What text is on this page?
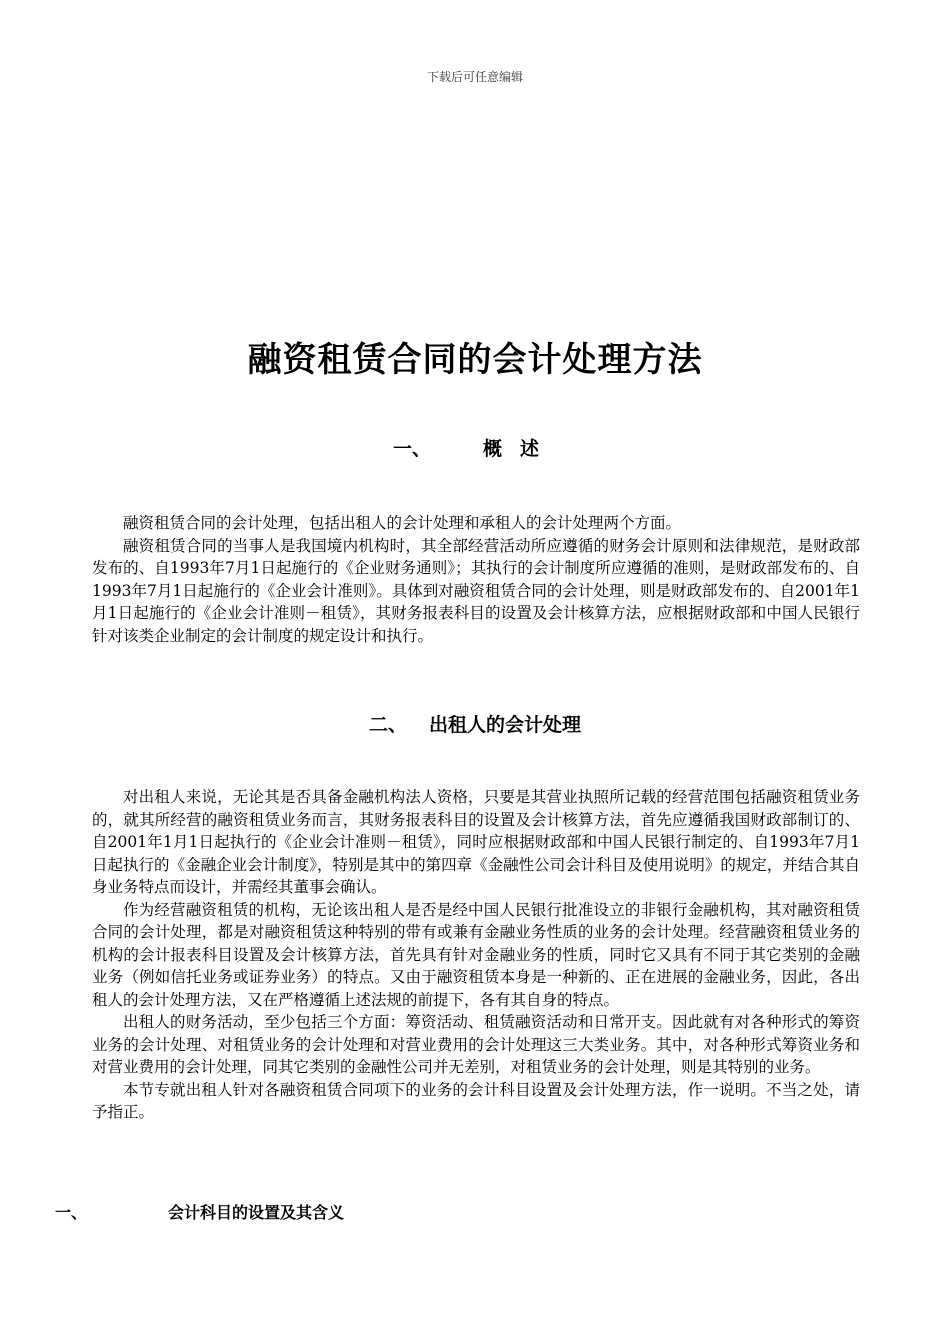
下载后可任意编辑
融资租赁合同的会计处理方法
一、	概述

融资租赁合同的会计处理，包括出租人的会计处理和承租人的会计处理两个方面。

融资租赁合同的当事人是我国境内机构时，其全部经营活动所应遵循的财务会计原则和法律规范，是财政部发布的、自1993年7月1日起施行的《企业财务通则》；其执行的会计制度所应遵循的准则，是财政部发布的、自1993年7月1日起施行的《企业会计准则》。具体到对融资租赁合同的会计处理，则是财政部发布的、自2001年1月1日起施行的《企业会计准则－租赁》，其财务报表科目的设置及会计核算方法，应根据财政部和中国人民银行针对该类企业制定的会计制度的规定设计和执行。

二、 出租人的会计处理

对出租人来说，无论其是否具备金融机构法人资格，只要是其营业执照所记载的经营范围包括融资租赁业务的，就其所经营的融资租赁业务而言，其财务报表科目的设置及会计核算方法，首先应遵循我国财政部制订的、自2001年1月1日起执行的《企业会计准则－租赁》，同时应根据财政部和中国人民银行制定的、自1993年7月1日起执行的《金融企业会计制度》，特别是其中的第四章《金融性公司会计科目及使用说明》的规定，并结合其自身业务特点而设计，并需经其董事会确认。

作为经营融资租赁的机构，无论该出租人是否是经中国人民银行批准设立的非银行金融机构，其对融资租赁合同的会计处理，都是对融资租赁这种特别的带有或兼有金融业务性质的业务的会计处理。经营融资租赁业务的机构的会计报表科目设置及会计核算方法，首先具有针对金融业务的性质，同时它又具有不同于其它类别的金融业务（例如信托业务或证券业务）的特点。又由于融资租赁本身是一种新的、正在进展的金融业务，因此，各出租人的会计处理方法，又在严格遵循上述法规的前提下，各有其自身的特点。

出租人的财务活动，至少包括三个方面：筹资活动、租赁融资活动和日常开支。因此就有对各种形式的筹资业务的会计处理、对租赁业务的会计处理和对营业费用的会计处理这三大类业务。其中，对各种形式筹资业务和对营业费用的会计处理，同其它类别的金融性公司并无差别，对租赁业务的会计处理，则是其特别的业务。

本节专就出租人针对各融资租赁合同项下的业务的会计科目设置及会计处理方法，作一说明。不当之处，请予指正。

一、	会计科目的设置及其含义
